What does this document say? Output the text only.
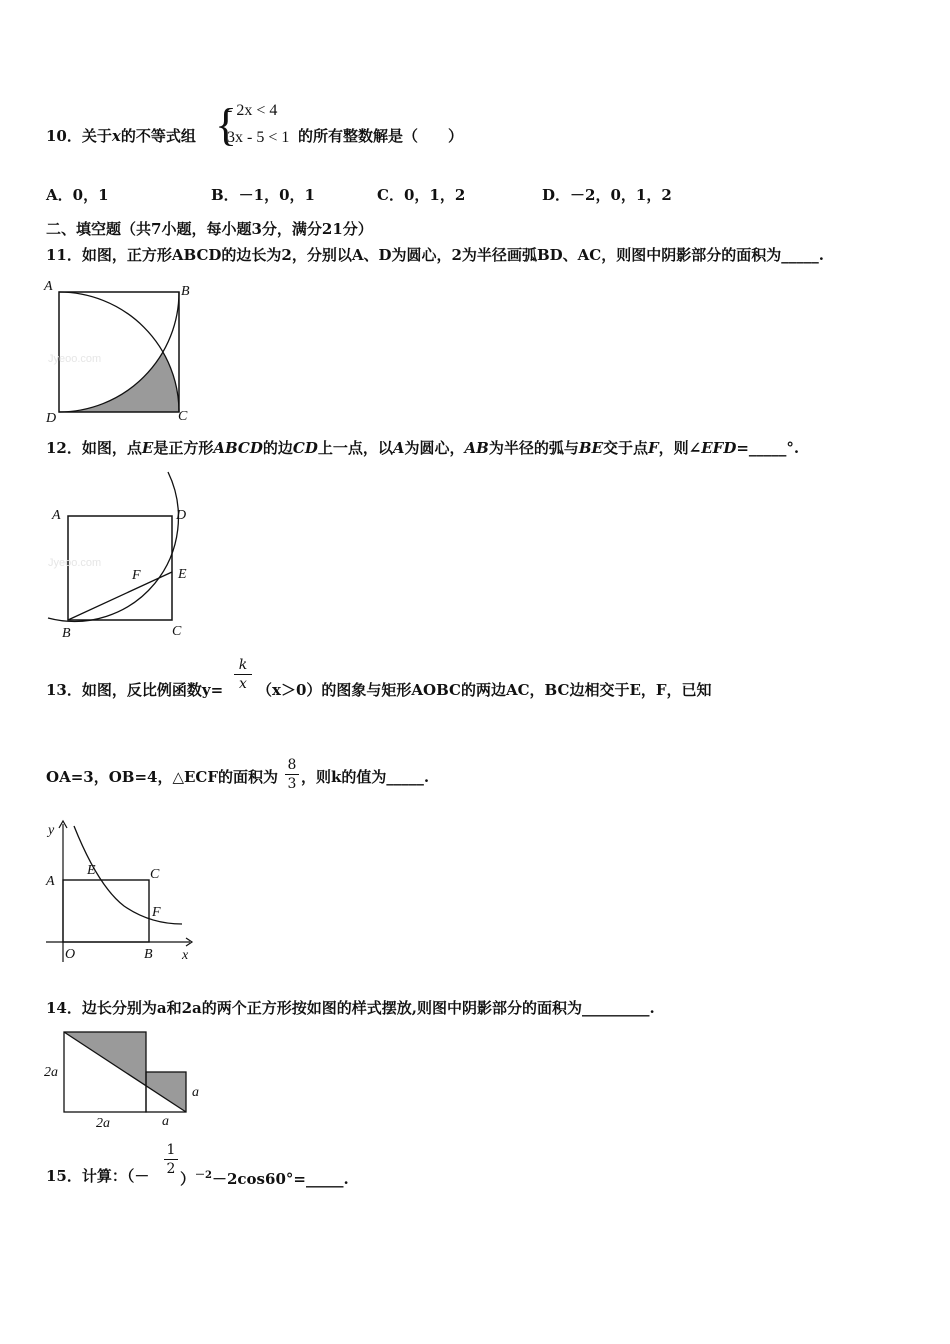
10．关于x的不等式组 {
- 2x < 4
3x - 5 < 1 的所有整数解是（　　）
A．0，1	B．－1，0，1	C．0，1，2	D．－2，0，1，2
二、填空题（共7小题，每小题3分，满分21分）
11．如图，正方形ABCD的边长为2，分别以A、D为圆心，2为半径画弧BD、AC，则图中阴影部分的面积为_____.
Jyeoo.com
A	B
C
D
12．如图，点E是正方形ABCD的边CD上一点，以A为圆心，AB为半径的弧与BE交于点F，则∠EFD=_____°.
Jyeoo.com
A	D
E
F
B	C
13．如图，反比例函数y=
k
x （x＞0）的图象与矩形AOBC的两边AC，BC边相交于E，F，已知
OA=3，OB=4，△ECF的面积为
8
3 ，则k的值为_____.
y
A
E	C
F
O	B x
14．边长分别为a和2a的两个正方形按如图的样式摆放,则图中阴影部分的面积为_________.
2a
2a	a
a
15．计算：（－
1
2
）$^{-2}$－2cos60°=_____.
